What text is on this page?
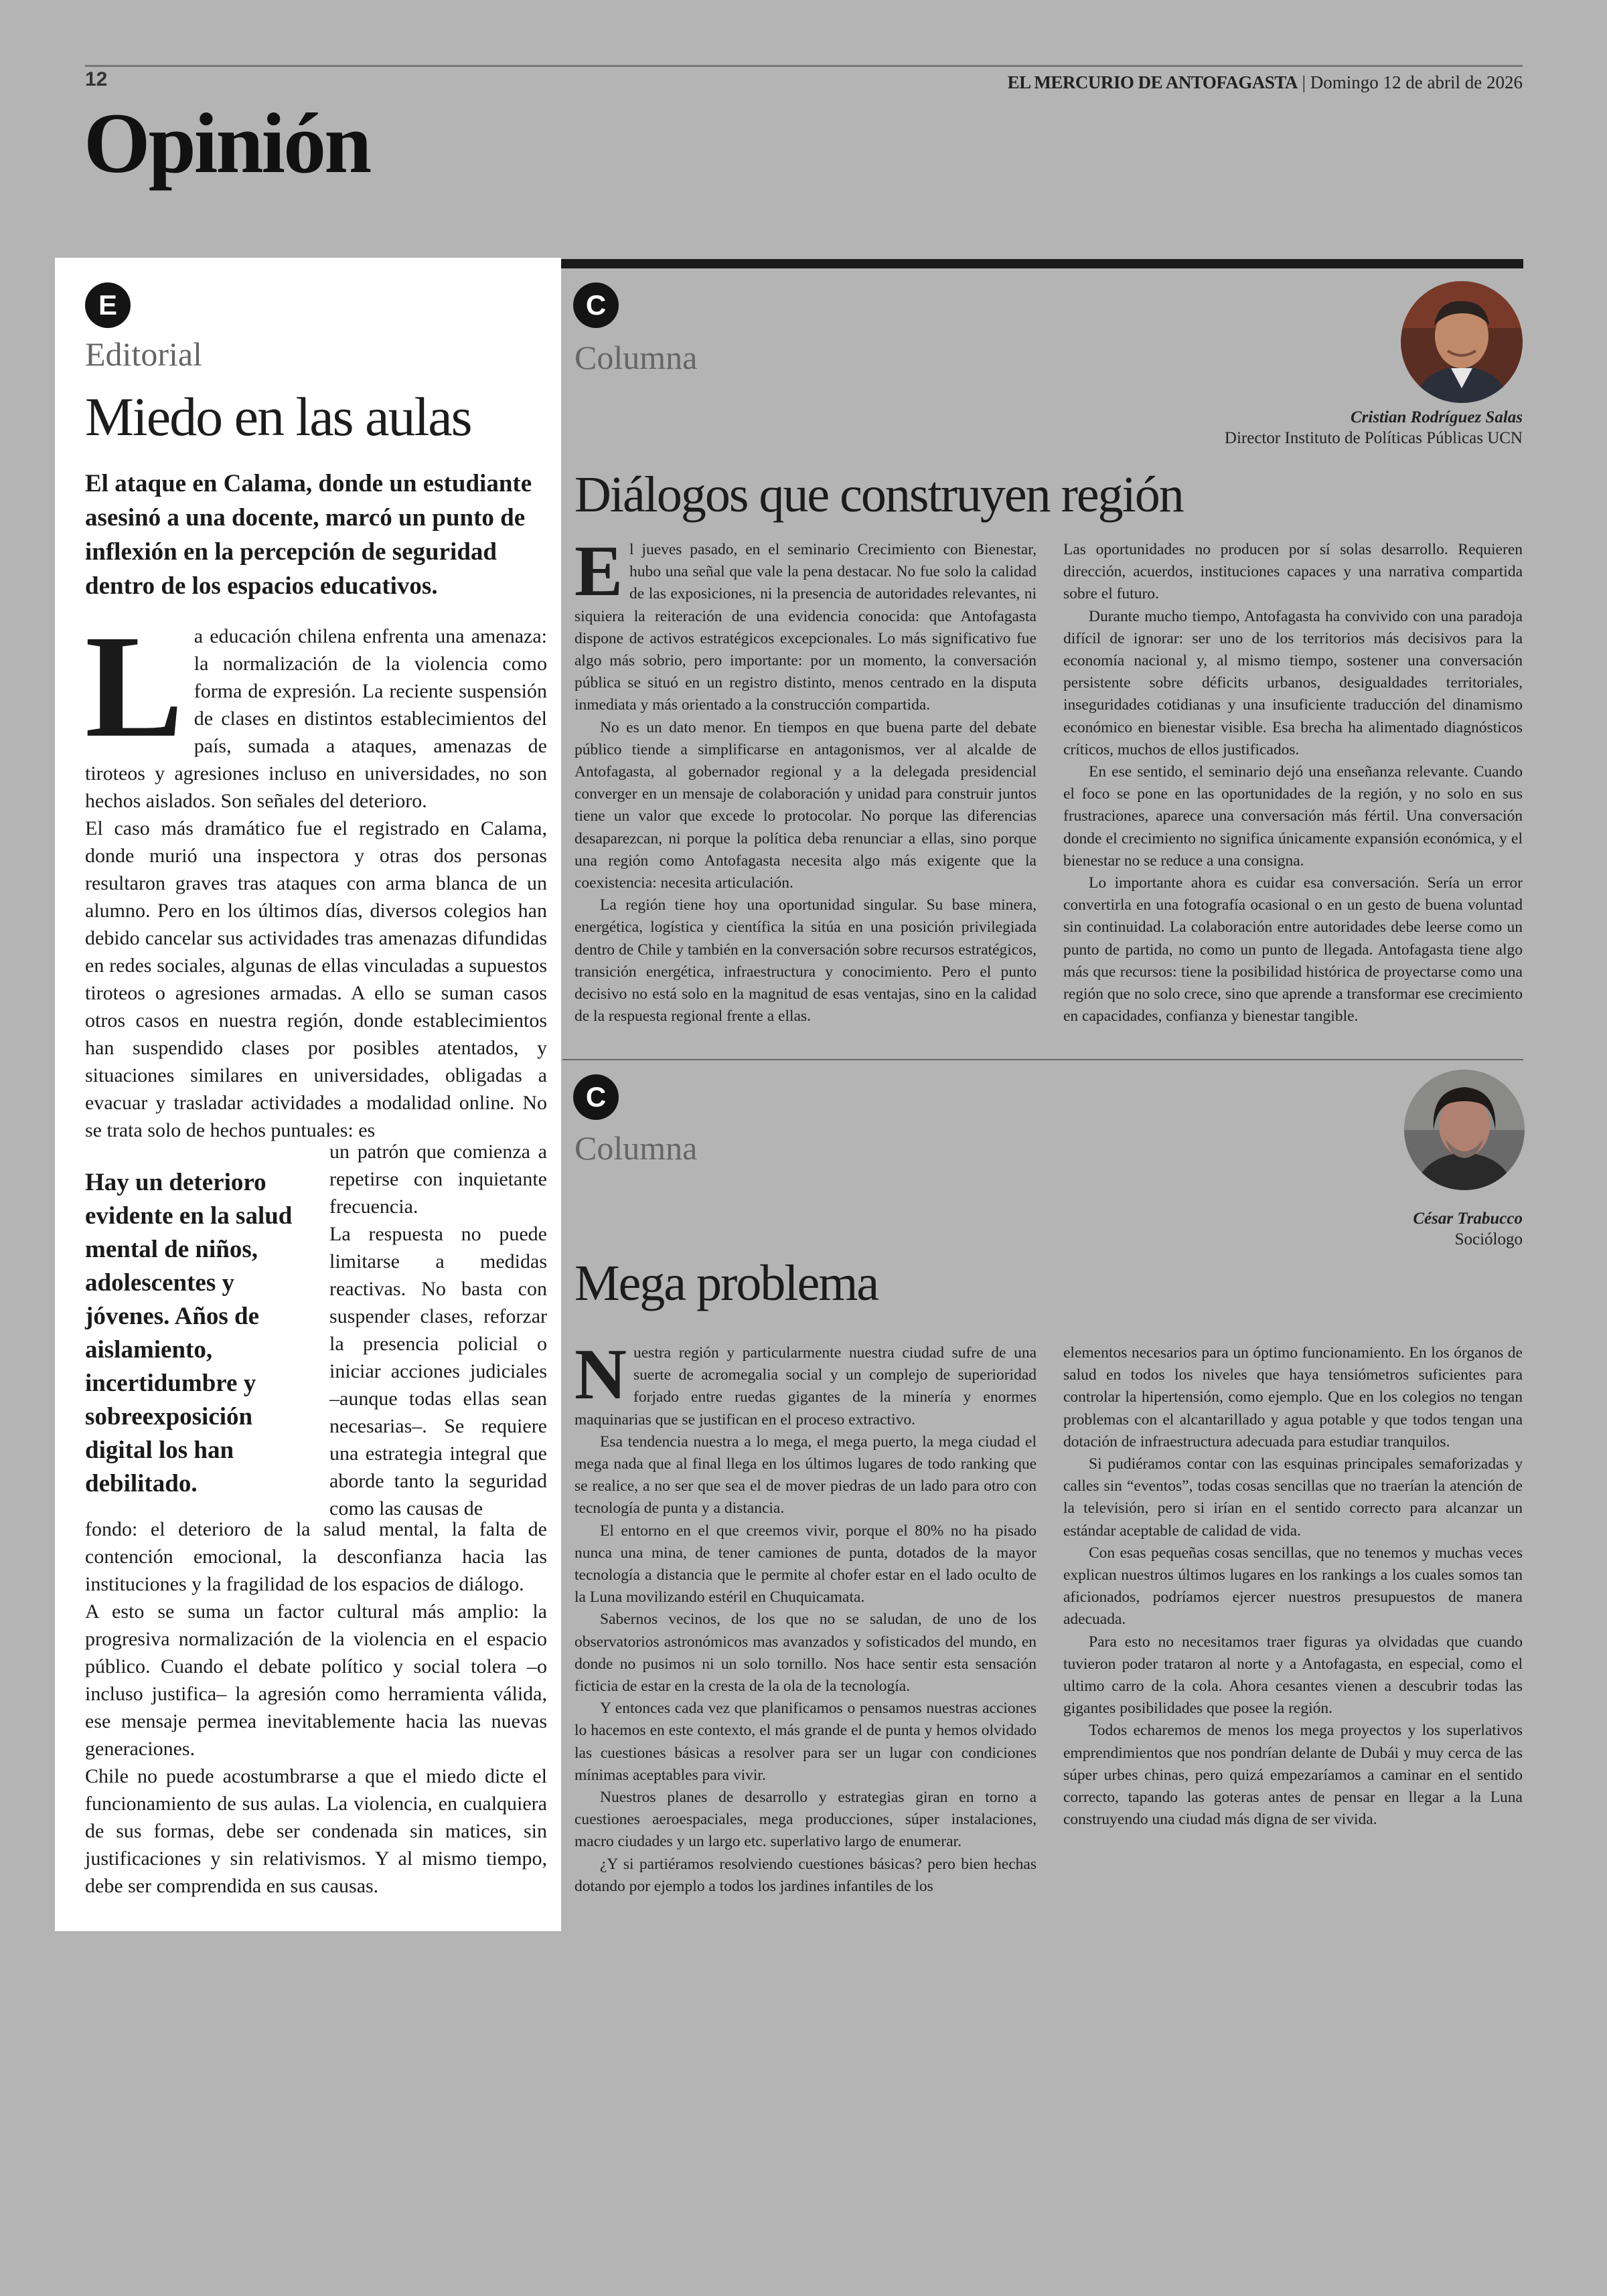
12	EL MERCURIO DE ANTOFAGASTA | Domingo 12 de abril de 2026
Opinión
E
Editorial
Miedo en las aulas
El ataque en Calama, donde un estudiante asesinó a una docente, marcó un punto de inflexión en la percepción de seguridad dentro de los espacios educativos.

La educación chilena enfrenta una amenaza: la normalización de la violencia como forma de expresión. La reciente suspensión de clases en distintos establecimientos del país, sumada a ataques, amenazas de tiroteos y agresiones incluso en universidades, no son hechos aislados. Son señales del deterioro.

El caso más dramático fue el registrado en Calama, donde murió una inspectora y otras dos personas resultaron graves tras ataques con arma blanca de un alumno. Pero en los últimos días, diversos colegios han debido cancelar sus actividades tras amenazas difundidas en redes sociales, algunas de ellas vinculadas a supuestos tiroteos o agresiones armadas. A ello se suman casos otros casos en nuestra región, donde establecimientos han suspendido clases por posibles atentados, y situaciones similares en universidades, obligadas a evacuar y trasladar actividades a modalidad online. No se trata solo de hechos puntuales: es

Hay un deterioro evidente en la salud mental de niños, adolescentes y jóvenes. Años de aislamiento, incertidumbre y sobreexposición digital los han debilitado.
un patrón que comienza a repetirse con inquietante frecuencia.
La respuesta no puede limitarse a medidas reactivas. No basta con suspender clases, reforzar la presencia policial o iniciar acciones judiciales –aunque todas ellas sean necesarias–. Se requiere una estrategia integral que aborde tanto la seguridad como las causas de

fondo: el deterioro de la salud mental, la falta de contención emocional, la desconfianza hacia las instituciones y la fragilidad de los espacios de diálogo.

A esto se suma un factor cultural más amplio: la progresiva normalización de la violencia en el espacio público. Cuando el debate político y social tolera –o incluso justifica– la agresión como herramienta válida, ese mensaje permea inevitablemente hacia las nuevas generaciones.

Chile no puede acostumbrarse a que el miedo dicte el funcionamiento de sus aulas. La violencia, en cualquiera de sus formas, debe ser condenada sin matices, sin justificaciones y sin relativismos. Y al mismo tiempo, debe ser comprendida en sus causas.

C
Columna
Cristian Rodríguez Salas
Director Instituto de Políticas Públicas UCN
Diálogos que construyen región

El jueves pasado, en el seminario Crecimiento con Bienestar, hubo una señal que vale la pena destacar. No fue solo la calidad de las exposiciones, ni la presencia de autoridades relevantes, ni siquiera la reiteración de una evidencia conocida: que Antofagasta dispone de activos estratégicos excepcionales. Lo más significativo fue algo más sobrio, pero importante: por un momento, la conversación pública se situó en un registro distinto, menos centrado en la disputa inmediata y más orientado a la construcción compartida.

No es un dato menor. En tiempos en que buena parte del debate público tiende a simplificarse en antagonismos, ver al alcalde de Antofagasta, al gobernador regional y a la delegada presidencial converger en un mensaje de colaboración y unidad para construir juntos tiene un valor que excede lo protocolar. No porque las diferencias desaparezcan, ni porque la política deba renunciar a ellas, sino porque una región como Antofagasta necesita algo más exigente que la coexistencia: necesita articulación.

La región tiene hoy una oportunidad singular. Su base minera, energética, logística y científica la sitúa en una posición privilegiada dentro de Chile y también en la conversación sobre recursos estratégicos, transición energética, infraestructura y conocimiento. Pero el punto decisivo no está solo en la magnitud de esas ventajas, sino en la calidad de la respuesta regional frente a ellas.

Las oportunidades no producen por sí solas desarrollo. Requieren dirección, acuerdos, instituciones capaces y una narrativa compartida sobre el futuro.

Durante mucho tiempo, Antofagasta ha convivido con una paradoja difícil de ignorar: ser uno de los territorios más decisivos para la economía nacional y, al mismo tiempo, sostener una conversación persistente sobre déficits urbanos, desigualdades territoriales, inseguridades cotidianas y una insuficiente traducción del dinamismo económico en bienestar visible. Esa brecha ha alimentado diagnósticos críticos, muchos de ellos justificados.

En ese sentido, el seminario dejó una enseñanza relevante. Cuando el foco se pone en las oportunidades de la región, y no solo en sus frustraciones, aparece una conversación más fértil. Una conversación donde el crecimiento no significa únicamente expansión económica, y el bienestar no se reduce a una consigna.

Lo importante ahora es cuidar esa conversación. Sería un error convertirla en una fotografía ocasional o en un gesto de buena voluntad sin continuidad. La colaboración entre autoridades debe leerse como un punto de partida, no como un punto de llegada. Antofagasta tiene algo más que recursos: tiene la posibilidad histórica de proyectarse como una región que no solo crece, sino que aprende a transformar ese crecimiento en capacidades, confianza y bienestar tangible.

C
Columna
César Trabucco
Sociólogo
Mega problema

Nuestra región y particularmente nuestra ciudad sufre de una suerte de acromegalia social y un complejo de superioridad forjado entre ruedas gigantes de la minería y enormes maquinarias que se justifican en el proceso extractivo.

Esa tendencia nuestra a lo mega, el mega puerto, la mega ciudad el mega nada que al final llega en los últimos lugares de todo ranking que se realice, a no ser que sea el de mover piedras de un lado para otro con tecnología de punta y a distancia.

El entorno en el que creemos vivir, porque el 80% no ha pisado nunca una mina, de tener camiones de punta, dotados de la mayor tecnología a distancia que le permite al chofer estar en el lado oculto de la Luna movilizando estéril en Chuquicamata.

Sabernos vecinos, de los que no se saludan, de uno de los observatorios astronómicos mas avanzados y sofisticados del mundo, en donde no pusimos ni un solo tornillo. Nos hace sentir esta sensación ficticia de estar en la cresta de la ola de la tecnología.

Y entonces cada vez que planificamos o pensamos nuestras acciones lo hacemos en este contexto, el más grande el de punta y hemos olvidado las cuestiones básicas a resolver para ser un lugar con condiciones mínimas aceptables para vivir.

Nuestros planes de desarrollo y estrategias giran en torno a cuestiones aeroespaciales, mega producciones, súper instalaciones, macro ciudades y un largo etc. superlativo largo de enumerar.

¿Y si partiéramos resolviendo cuestiones básicas? pero bien hechas dotando por ejemplo a todos los jardines infantiles de los

elementos necesarios para un óptimo funcionamiento. En los órganos de salud en todos los niveles que haya tensiómetros suficientes para controlar la hipertensión, como ejemplo. Que en los colegios no tengan problemas con el alcantarillado y agua potable y que todos tengan una dotación de infraestructura adecuada para estudiar tranquilos.

Si pudiéramos contar con las esquinas principales semaforizadas y calles sin “eventos”, todas cosas sencillas que no traerían la atención de la televisión, pero si irían en el sentido correcto para alcanzar un estándar aceptable de calidad de vida.

Con esas pequeñas cosas sencillas, que no tenemos y muchas veces explican nuestros últimos lugares en los rankings a los cuales somos tan aficionados, podríamos ejercer nuestros presupuestos de manera adecuada.

Para esto no necesitamos traer figuras ya olvidadas que cuando tuvieron poder trataron al norte y a Antofagasta, en especial, como el ultimo carro de la cola. Ahora cesantes vienen a descubrir todas las gigantes posibilidades que posee la región.

Todos echaremos de menos los mega proyectos y los superlativos emprendimientos que nos pondrían delante de Dubái y muy cerca de las súper urbes chinas, pero quizá empezaríamos a caminar en el sentido correcto, tapando las goteras antes de pensar en llegar a la Luna construyendo una ciudad más digna de ser vivida.
